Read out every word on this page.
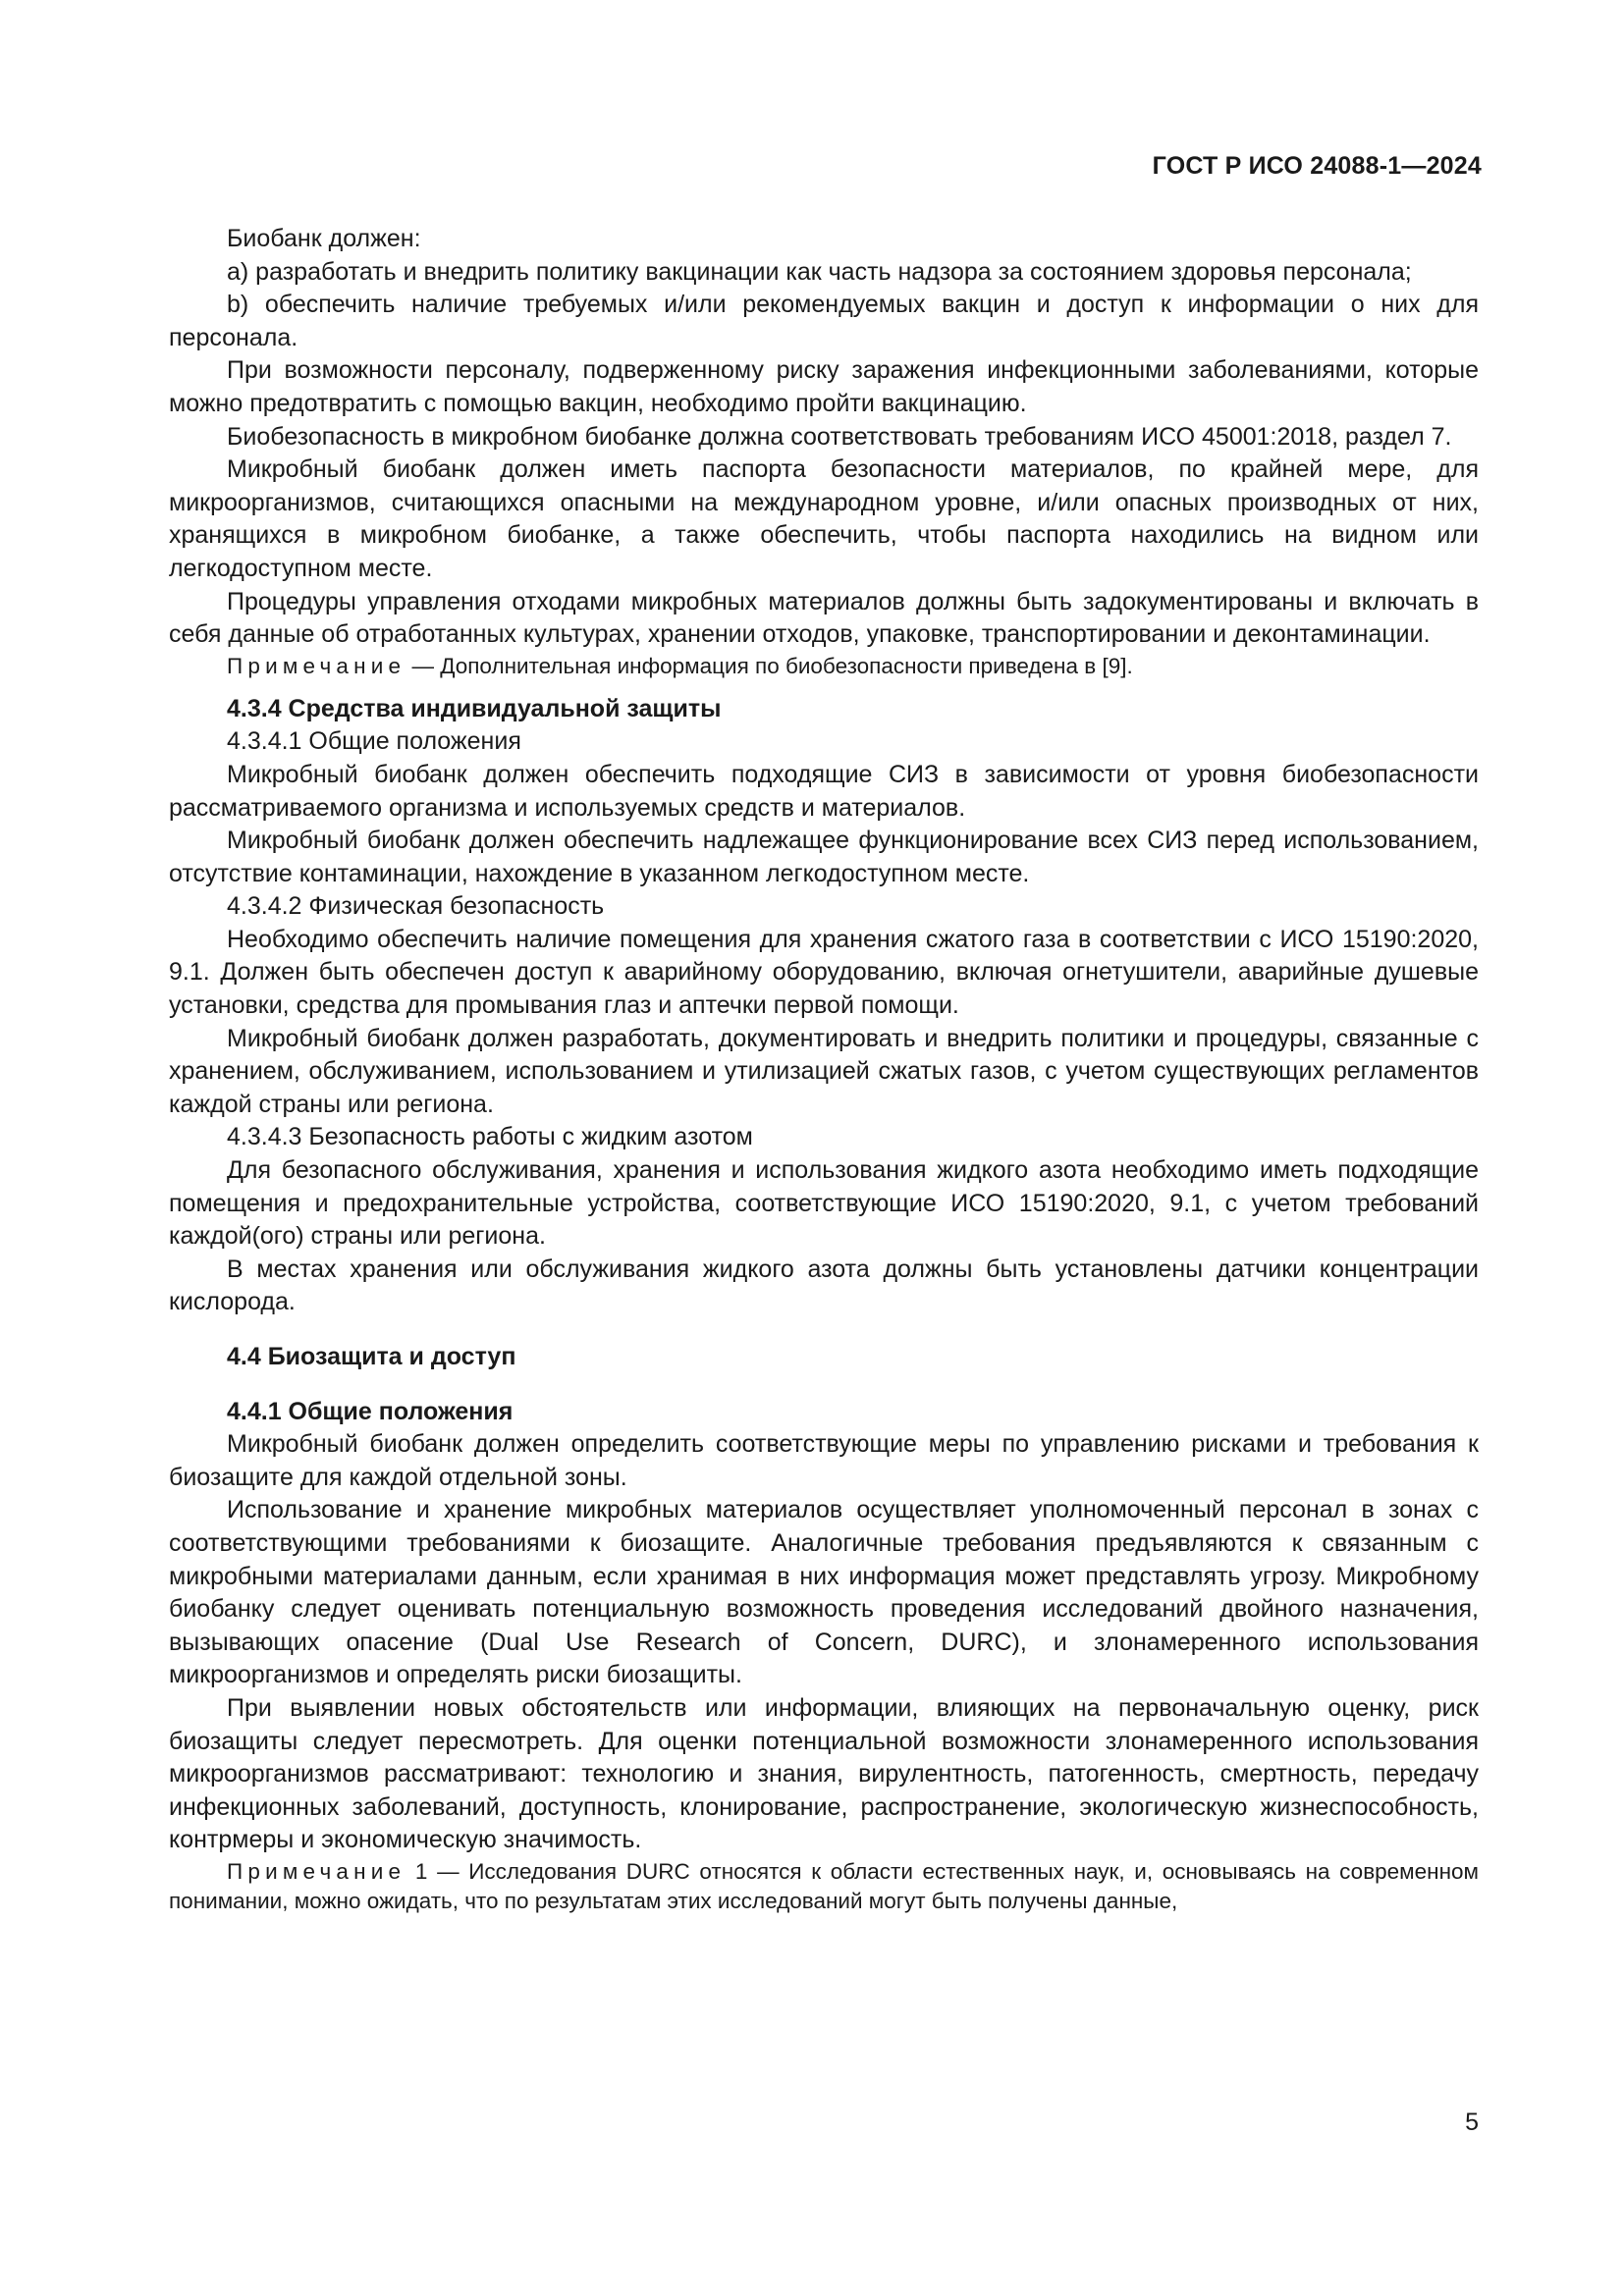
ГОСТ Р ИСО 24088-1—2024

Биобанк должен:

a) разработать и внедрить политику вакцинации как часть надзора за состоянием здоровья персонала;

b) обеспечить наличие требуемых и/или рекомендуемых вакцин и доступ к информации о них для персонала.

При возможности персоналу, подверженному риску заражения инфекционными заболеваниями, которые можно предотвратить с помощью вакцин, необходимо пройти вакцинацию.

Биобезопасность в микробном биобанке должна соответствовать требованиям ИСО 45001:2018, раздел 7.

Микробный биобанк должен иметь паспорта безопасности материалов, по крайней мере, для микроорганизмов, считающихся опасными на международном уровне, и/или опасных производных от них, хранящихся в микробном биобанке, а также обеспечить, чтобы паспорта находились на видном или легкодоступном месте.

Процедуры управления отходами микробных материалов должны быть задокументированы и включать в себя данные об отработанных культурах, хранении отходов, упаковке, транспортировании и деконтаминации.

Примечание — Дополнительная информация по биобезопасности приведена в [9].

4.3.4 Средства индивидуальной защиты

4.3.4.1 Общие положения

Микробный биобанк должен обеспечить подходящие СИЗ в зависимости от уровня биобезопасности рассматриваемого организма и используемых средств и материалов.

Микробный биобанк должен обеспечить надлежащее функционирование всех СИЗ перед использованием, отсутствие контаминации, нахождение в указанном легкодоступном месте.

4.3.4.2 Физическая безопасность

Необходимо обеспечить наличие помещения для хранения сжатого газа в соответствии с ИСО 15190:2020, 9.1. Должен быть обеспечен доступ к аварийному оборудованию, включая огнетушители, аварийные душевые установки, средства для промывания глаз и аптечки первой помощи.

Микробный биобанк должен разработать, документировать и внедрить политики и процедуры, связанные с хранением, обслуживанием, использованием и утилизацией сжатых газов, с учетом существующих регламентов каждой страны или региона.

4.3.4.3 Безопасность работы с жидким азотом

Для безопасного обслуживания, хранения и использования жидкого азота необходимо иметь подходящие помещения и предохранительные устройства, соответствующие ИСО 15190:2020, 9.1, с учетом требований каждой(ого) страны или региона.

В местах хранения или обслуживания жидкого азота должны быть установлены датчики концентрации кислорода.

4.4 Биозащита и доступ

4.4.1 Общие положения

Микробный биобанк должен определить соответствующие меры по управлению рисками и требования к биозащите для каждой отдельной зоны.

Использование и хранение микробных материалов осуществляет уполномоченный персонал в зонах с соответствующими требованиями к биозащите. Аналогичные требования предъявляются к связанным с микробными материалами данным, если хранимая в них информация может представлять угрозу. Микробному биобанку следует оценивать потенциальную возможность проведения исследований двойного назначения, вызывающих опасение (Dual Use Research of Concern, DURC), и злонамеренного использования микроорганизмов и определять риски биозащиты.

При выявлении новых обстоятельств или информации, влияющих на первоначальную оценку, риск биозащиты следует пересмотреть. Для оценки потенциальной возможности злонамеренного использования микроорганизмов рассматривают: технологию и знания, вирулентность, патогенность, смертность, передачу инфекционных заболеваний, доступность, клонирование, распространение, экологическую жизнеспособность, контрмеры и экономическую значимость.

Примечание 1 — Исследования DURC относятся к области естественных наук, и, основываясь на современном понимании, можно ожидать, что по результатам этих исследований могут быть получены данные,

5
